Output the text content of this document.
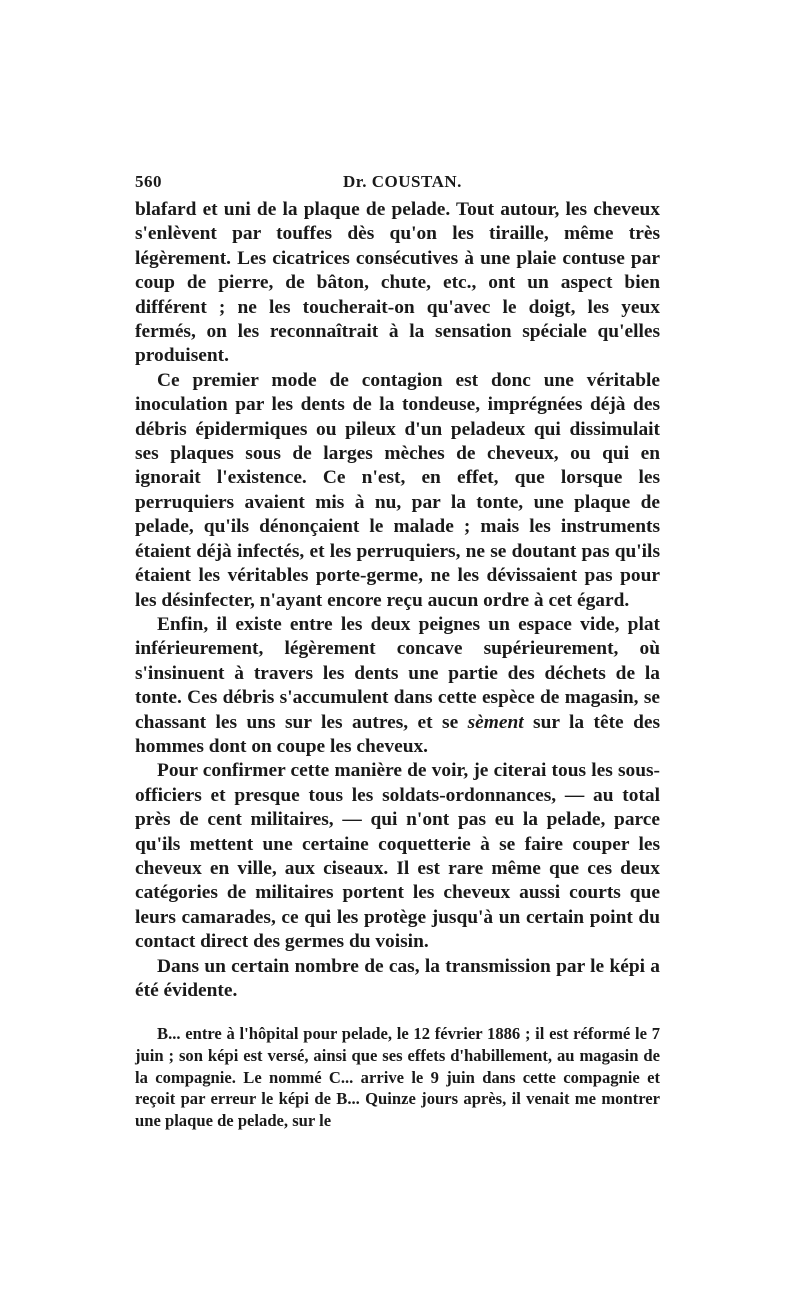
560	Dr. COUSTAN.

blafard et uni de la plaque de pelade. Tout autour, les cheveux s'enlèvent par touffes dès qu'on les tiraille, même très légèrement. Les cicatrices consécutives à une plaie contuse par coup de pierre, de bâton, chute, etc., ont un aspect bien différent ; ne les toucherait-on qu'avec le doigt, les yeux fermés, on les reconnaîtrait à la sensation spéciale qu'elles produisent.

Ce premier mode de contagion est donc une véritable inoculation par les dents de la tondeuse, imprégnées déjà des débris épidermiques ou pileux d'un peladeux qui dissimulait ses plaques sous de larges mèches de cheveux, ou qui en ignorait l'existence. Ce n'est, en effet, que lorsque les perruquiers avaient mis à nu, par la tonte, une plaque de pelade, qu'ils dénonçaient le malade ; mais les instruments étaient déjà infectés, et les perruquiers, ne se doutant pas qu'ils étaient les véritables porte-germe, ne les dévissaient pas pour les désinfecter, n'ayant encore reçu aucun ordre à cet égard.

Enfin, il existe entre les deux peignes un espace vide, plat inférieurement, légèrement concave supérieurement, où s'insinuent à travers les dents une partie des déchets de la tonte. Ces débris s'accumulent dans cette espèce de magasin, se chassant les uns sur les autres, et se sèment sur la tête des hommes dont on coupe les cheveux.

Pour confirmer cette manière de voir, je citerai tous les sous-officiers et presque tous les soldats-ordonnances, — au total près de cent militaires, — qui n'ont pas eu la pelade, parce qu'ils mettent une certaine coquetterie à se faire couper les cheveux en ville, aux ciseaux. Il est rare même que ces deux catégories de militaires portent les cheveux aussi courts que leurs camarades, ce qui les protège jusqu'à un certain point du contact direct des germes du voisin.

Dans un certain nombre de cas, la transmission par le képi a été évidente.

B... entre à l'hôpital pour pelade, le 12 février 1886 ; il est réformé le 7 juin ; son képi est versé, ainsi que ses effets d'habillement, au magasin de la compagnie. Le nommé C... arrive le 9 juin dans cette compagnie et reçoit par erreur le képi de B... Quinze jours après, il venait me montrer une plaque de pelade, sur le
